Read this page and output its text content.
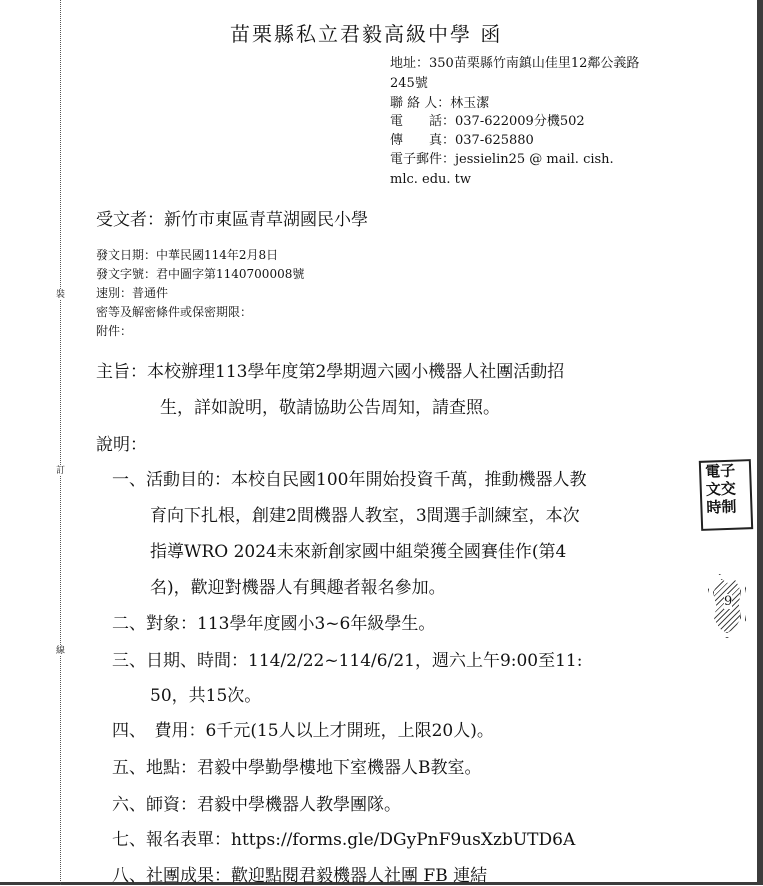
裝
訂
線
苗栗縣私立君毅高級中學 函
地址：350苗栗縣竹南鎮山佳里12鄰公義路
245號
聯 絡 人：林玉潔
電　　話：037-622009分機502
傳　　真：037-625880
電子郵件：jessielin25 @ mail. cish.
mlc. edu. tw
受文者：新竹市東區青草湖國民小學
發文日期：中華民國114年2月8日
發文字號：君中圖字第1140700008號
速別：普通件
密等及解密條件或保密期限：
附件：
主旨：本校辦理113學年度第2學期週六國小機器人社團活動招
生，詳如說明，敬請協助公告周知，請查照。
說明：
一、活動目的：本校自民國100年開始投資千萬，推動機器人教
育向下扎根，創建2間機器人教室，3間選手訓練室，本次
指導WRO 2024未來新創家國中組榮獲全國賽佳作(第4
名)，歡迎對機器人有興趣者報名參加。
二、對象：113學年度國小3~6年級學生。
三、日期、時間：114/2/22~114/6/21，週六上午9:00至11:
50，共15次。
四、　費用：6千元(15人以上才開班，上限20人)。
五、地點：君毅中學勤學樓地下室機器人B教室。
六、師資：君毅中學機器人教學團隊。
七、報名表單：https://forms.gle/DGyPnF9usXzbUTD6A
八、社團成果：歡迎點閱君毅機器人社團 FB 連結
電子
文交
時制
9
